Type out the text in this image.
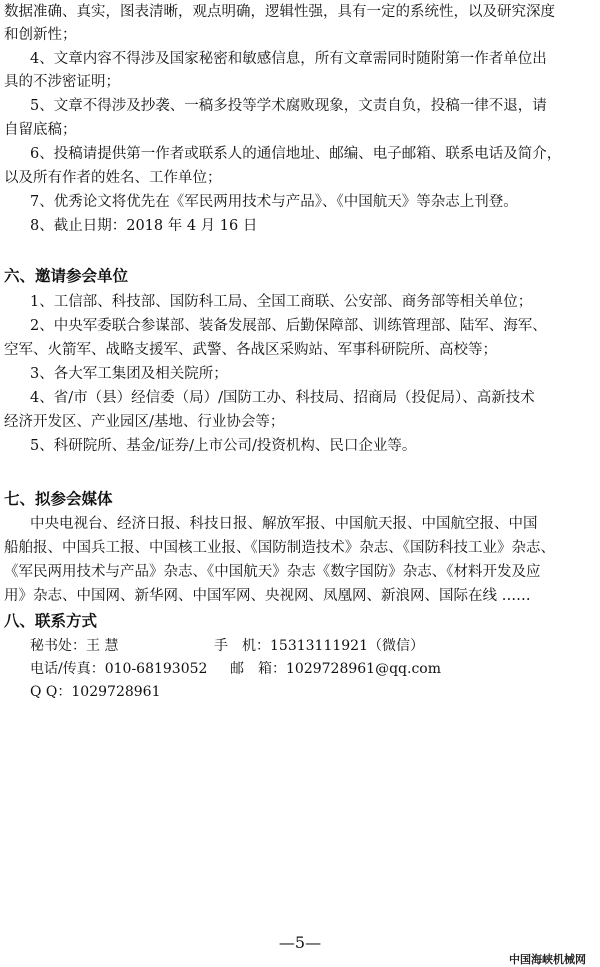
数据准确、真实，图表清晰，观点明确，逻辑性强，具有一定的系统性，以及研究深度
和创新性；
4、文章内容不得涉及国家秘密和敏感信息，所有文章需同时随附第一作者单位出
具的不涉密证明；
5、文章不得涉及抄袭、一稿多投等学术腐败现象，文责自负，投稿一律不退，请
自留底稿；
6、投稿请提供第一作者或联系人的通信地址、邮编、电子邮箱、联系电话及简介，
以及所有作者的姓名、工作单位；
7、优秀论文将优先在《军民两用技术与产品》、《中国航天》等杂志上刊登。
8、截止日期：2018 年 4 月 16 日
六、邀请参会单位
1、工信部、科技部、国防科工局、全国工商联、公安部、商务部等相关单位；
2、中央军委联合参谋部、装备发展部、后勤保障部、训练管理部、陆军、海军、
空军、火箭军、战略支援军、武警、各战区采购站、军事科研院所、高校等；
3、各大军工集团及相关院所；
4、省/市（县）经信委（局）/国防工办、科技局、招商局（投促局）、高新技术
经济开发区、产业园区/基地、行业协会等；
5、科研院所、基金/证券/上市公司/投资机构、民口企业等。
七、拟参会媒体
中央电视台、经济日报、科技日报、解放军报、中国航天报、中国航空报、中国
船舶报、中国兵工报、中国核工业报、《国防制造技术》杂志、《国防科技工业》杂志、
《军民两用技术与产品》杂志、《中国航天》杂志《数字国防》杂志、《材料开发及应
用》杂志、中国网、新华网、中国军网、央视网、凤凰网、新浪网、国际在线 ……
八、联系方式
秘书处：王 慧	手　机：15313111921（微信）
电话/传真：010-68193052 邮　箱：1029728961@qq.com
Q Q：1029728961
—5—
中国海峡机械网
